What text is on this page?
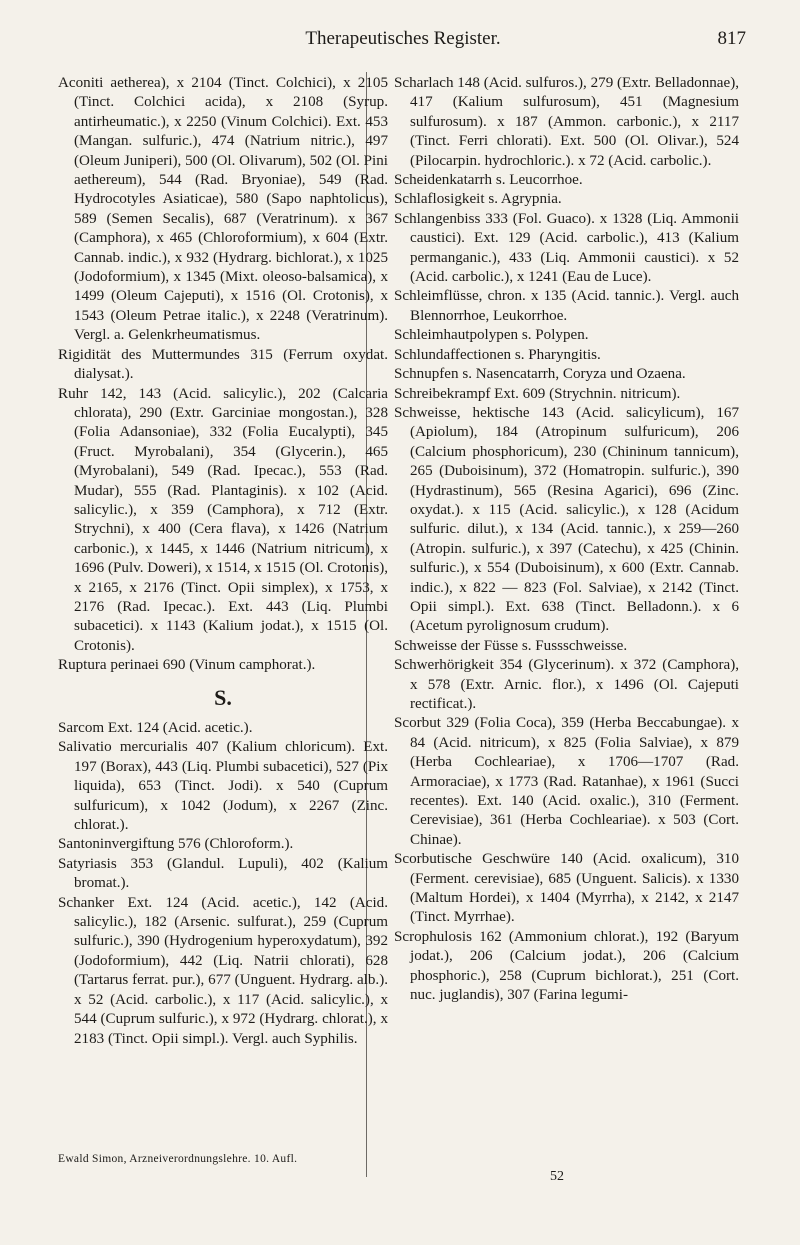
Therapeutisches Register.	817

Aconiti aetherea), x 2104 (Tinct. Colchici), x 2105 (Tinct. Colchici acida), x 2108 (Syrup. antirheumatic.), x 2250 (Vinum Colchici). Ext. 453 (Mangan. sulfuric.), 474 (Natrium nitric.), 497 (Oleum Juniperi), 500 (Ol. Olivarum), 502 (Ol. Pini aethereum), 544 (Rad. Bryoniae), 549 (Rad. Hydrocotyles Asiaticae), 580 (Sapo naphtolicus), 589 (Semen Secalis), 687 (Veratrinum). x 367 (Camphora), x 465 (Chloroformium), x 604 (Extr. Cannab. indic.), x 932 (Hydrarg. bichlorat.), x 1025 (Jodoformium), x 1345 (Mixt. oleoso-balsamica), x 1499 (Oleum Cajeputi), x 1516 (Ol. Crotonis), x 1543 (Oleum Petrae italic.), x 2248 (Veratrinum). Vergl. a. Gelenkrheumatismus.

Rigidität des Muttermundes 315 (Ferrum oxydat. dialysat.).

Ruhr 142, 143 (Acid. salicylic.), 202 (Calcaria chlorata), 290 (Extr. Garciniae mongostan.), 328 (Folia Adansoniae), 332 (Folia Eucalypti), 345 (Fruct. Myrobalani), 354 (Glycerin.), 465 (Myrobalani), 549 (Rad. Ipecac.), 553 (Rad. Mudar), 555 (Rad. Plantaginis). x 102 (Acid. salicylic.), x 359 (Camphora), x 712 (Extr. Strychni), x 400 (Cera flava), x 1426 (Natrium carbonic.), x 1445, x 1446 (Natrium nitricum), x 1696 (Pulv. Doweri), x 1514, x 1515 (Ol. Crotonis), x 2165, x 2176 (Tinct. Opii simplex), x 1753, x 2176 (Rad. Ipecac.). Ext. 443 (Liq. Plumbi subacetici). x 1143 (Kalium jodat.), x 1515 (Ol. Crotonis).

Ruptura perinaei 690 (Vinum camphorat.).

S.

Sarcom Ext. 124 (Acid. acetic.).

Salivatio mercurialis 407 (Kalium chloricum). Ext. 197 (Borax), 443 (Liq. Plumbi subacetici), 527 (Pix liquida), 653 (Tinct. Jodi). x 540 (Cuprum sulfuricum), x 1042 (Jodum), x 2267 (Zinc. chlorat.).

Santoninvergiftung 576 (Chloroform.).

Satyriasis 353 (Glandul. Lupuli), 402 (Kalium bromat.).

Schanker Ext. 124 (Acid. acetic.), 142 (Acid. salicylic.), 182 (Arsenic. sulfurat.), 259 (Cuprum sulfuric.), 390 (Hydrogenium hyperoxydatum), 392 (Jodoformium), 442 (Liq. Natrii chlorati), 628 (Tartarus ferrat. pur.), 677 (Unguent. Hydrarg. alb.). x 52 (Acid. carbolic.), x 117 (Acid. salicylic.), x 544 (Cuprum sulfuric.), x 972 (Hydrarg. chlorat.), x 2183 (Tinct. Opii simpl.). Vergl. auch Syphilis.

Scharlach 148 (Acid. sulfuros.), 279 (Extr. Belladonnae), 417 (Kalium sulfurosum), 451 (Magnesium sulfurosum). x 187 (Ammon. carbonic.), x 2117 (Tinct. Ferri chlorati). Ext. 500 (Ol. Olivar.), 524 (Pilocarpin. hydrochloric.). x 72 (Acid. carbolic.).

Scheidenkatarrh s. Leucorrhoe.

Schlaflosigkeit s. Agrypnia.

Schlangenbiss 333 (Fol. Guaco). x 1328 (Liq. Ammonii caustici). Ext. 129 (Acid. carbolic.), 413 (Kalium permanganic.), 433 (Liq. Ammonii caustici). x 52 (Acid. carbolic.), x 1241 (Eau de Luce).

Schleimflüsse, chron. x 135 (Acid. tannic.). Vergl. auch Blennorrhoe, Leukorrhoe.

Schleimhautpolypen s. Polypen.

Schlundaffectionen s. Pharyngitis.

Schnupfen s. Nasencatarrh, Coryza und Ozaena.

Schreibekrampf Ext. 609 (Strychnin. nitricum).

Schweisse, hektische 143 (Acid. salicylicum), 167 (Apiolum), 184 (Atropinum sulfuricum), 206 (Calcium phosphoricum), 230 (Chininum tannicum), 265 (Duboisinum), 372 (Homatropin. sulfuric.), 390 (Hydrastinum), 565 (Resina Agarici), 696 (Zinc. oxydat.). x 115 (Acid. salicylic.), x 128 (Acidum sulfuric. dilut.), x 134 (Acid. tannic.), x 259—260 (Atropin. sulfuric.), x 397 (Catechu), x 425 (Chinin. sulfuric.), x 554 (Duboisinum), x 600 (Extr. Cannab. indic.), x 822 — 823 (Fol. Salviae), x 2142 (Tinct. Opii simpl.). Ext. 638 (Tinct. Belladonn.). x 6 (Acetum pyrolignosum crudum).

Schweisse der Füsse s. Fussschweisse.

Schwerhörigkeit 354 (Glycerinum). x 372 (Camphora), x 578 (Extr. Arnic. flor.), x 1496 (Ol. Cajeputi rectificat.).

Scorbut 329 (Folia Coca), 359 (Herba Beccabungae). x 84 (Acid. nitricum), x 825 (Folia Salviae), x 879 (Herba Cochleariae), x 1706—1707 (Rad. Armoraciae), x 1773 (Rad. Ratanhae), x 1961 (Succi recentes). Ext. 140 (Acid. oxalic.), 310 (Ferment. Cerevisiae), 361 (Herba Cochleariae). x 503 (Cort. Chinae).

Scorbutische Geschwüre 140 (Acid. oxalicum), 310 (Ferment. cerevisiae), 685 (Unguent. Salicis). x 1330 (Maltum Hordei), x 1404 (Myrrha), x 2142, x 2147 (Tinct. Myrrhae).

Scrophulosis 162 (Ammonium chlorat.), 192 (Baryum jodat.), 206 (Calcium jodat.), 206 (Calcium phosphoric.), 258 (Cuprum bichlorat.), 251 (Cort. nuc. juglandis), 307 (Farina legumi-

Ewald Simon, Arzneiverordnungslehre. 10. Aufl.
52
